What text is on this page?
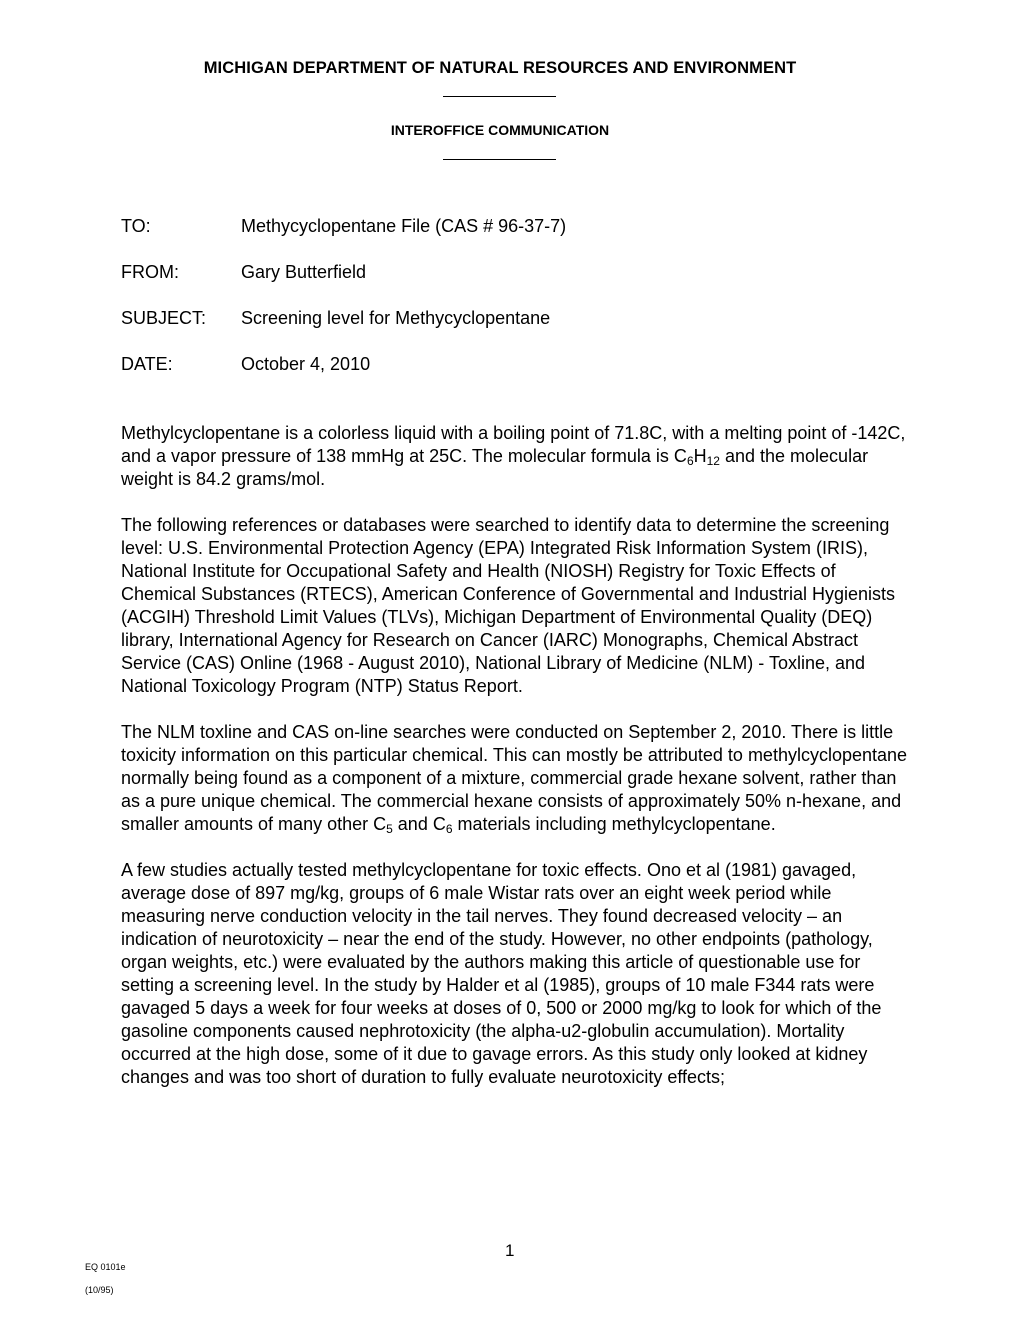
MICHIGAN DEPARTMENT OF NATURAL RESOURCES AND ENVIRONMENT
INTEROFFICE COMMUNICATION
TO:	Methycyclopentane File (CAS # 96-37-7)
FROM:	Gary Butterfield
SUBJECT: Screening level for Methycyclopentane
DATE:	October 4, 2010

Methylcyclopentane is a colorless liquid with a boiling point of 71.8C, with a melting point of -142C, and a vapor pressure of 138 mmHg at 25C. The molecular formula is $C_6H_{12}$ and the molecular weight is 84.2 grams/mol.

The following references or databases were searched to identify data to determine the screening level: U.S. Environmental Protection Agency (EPA) Integrated Risk Information System (IRIS), National Institute for Occupational Safety and Health (NIOSH) Registry for Toxic Effects of Chemical Substances (RTECS), American Conference of Governmental and Industrial Hygienists (ACGIH) Threshold Limit Values (TLVs), Michigan Department of Environmental Quality (DEQ) library, International Agency for Research on Cancer (IARC) Monographs, Chemical Abstract Service (CAS) Online (1968 - August 2010), National Library of Medicine (NLM) - Toxline, and National Toxicology Program (NTP) Status Report.

The NLM toxline and CAS on-line searches were conducted on September 2, 2010. There is little toxicity information on this particular chemical. This can mostly be attributed to methylcyclopentane normally being found as a component of a mixture, commercial grade hexane solvent, rather than as a pure unique chemical. The commercial hexane consists of approximately 50% n-hexane, and smaller amounts of many other $C_5$ and $C_6$ materials including methylcyclopentane.

A few studies actually tested methylcyclopentane for toxic effects. Ono et al (1981) gavaged, average dose of 897 mg/kg, groups of 6 male Wistar rats over an eight week period while measuring nerve conduction velocity in the tail nerves. They found decreased velocity – an indication of neurotoxicity – near the end of the study. However, no other endpoints (pathology, organ weights, etc.) were evaluated by the authors making this article of questionable use for setting a screening level. In the study by Halder et al (1985), groups of 10 male F344 rats were gavaged 5 days a week for four weeks at doses of 0, 500 or 2000 mg/kg to look for which of the gasoline components caused nephrotoxicity (the alpha-u2-globulin accumulation). Mortality occurred at the high dose, some of it due to gavage errors. As this study only looked at kidney changes and was too short of duration to fully evaluate neurotoxicity effects;

1
EQ 0101e
(10/95)
